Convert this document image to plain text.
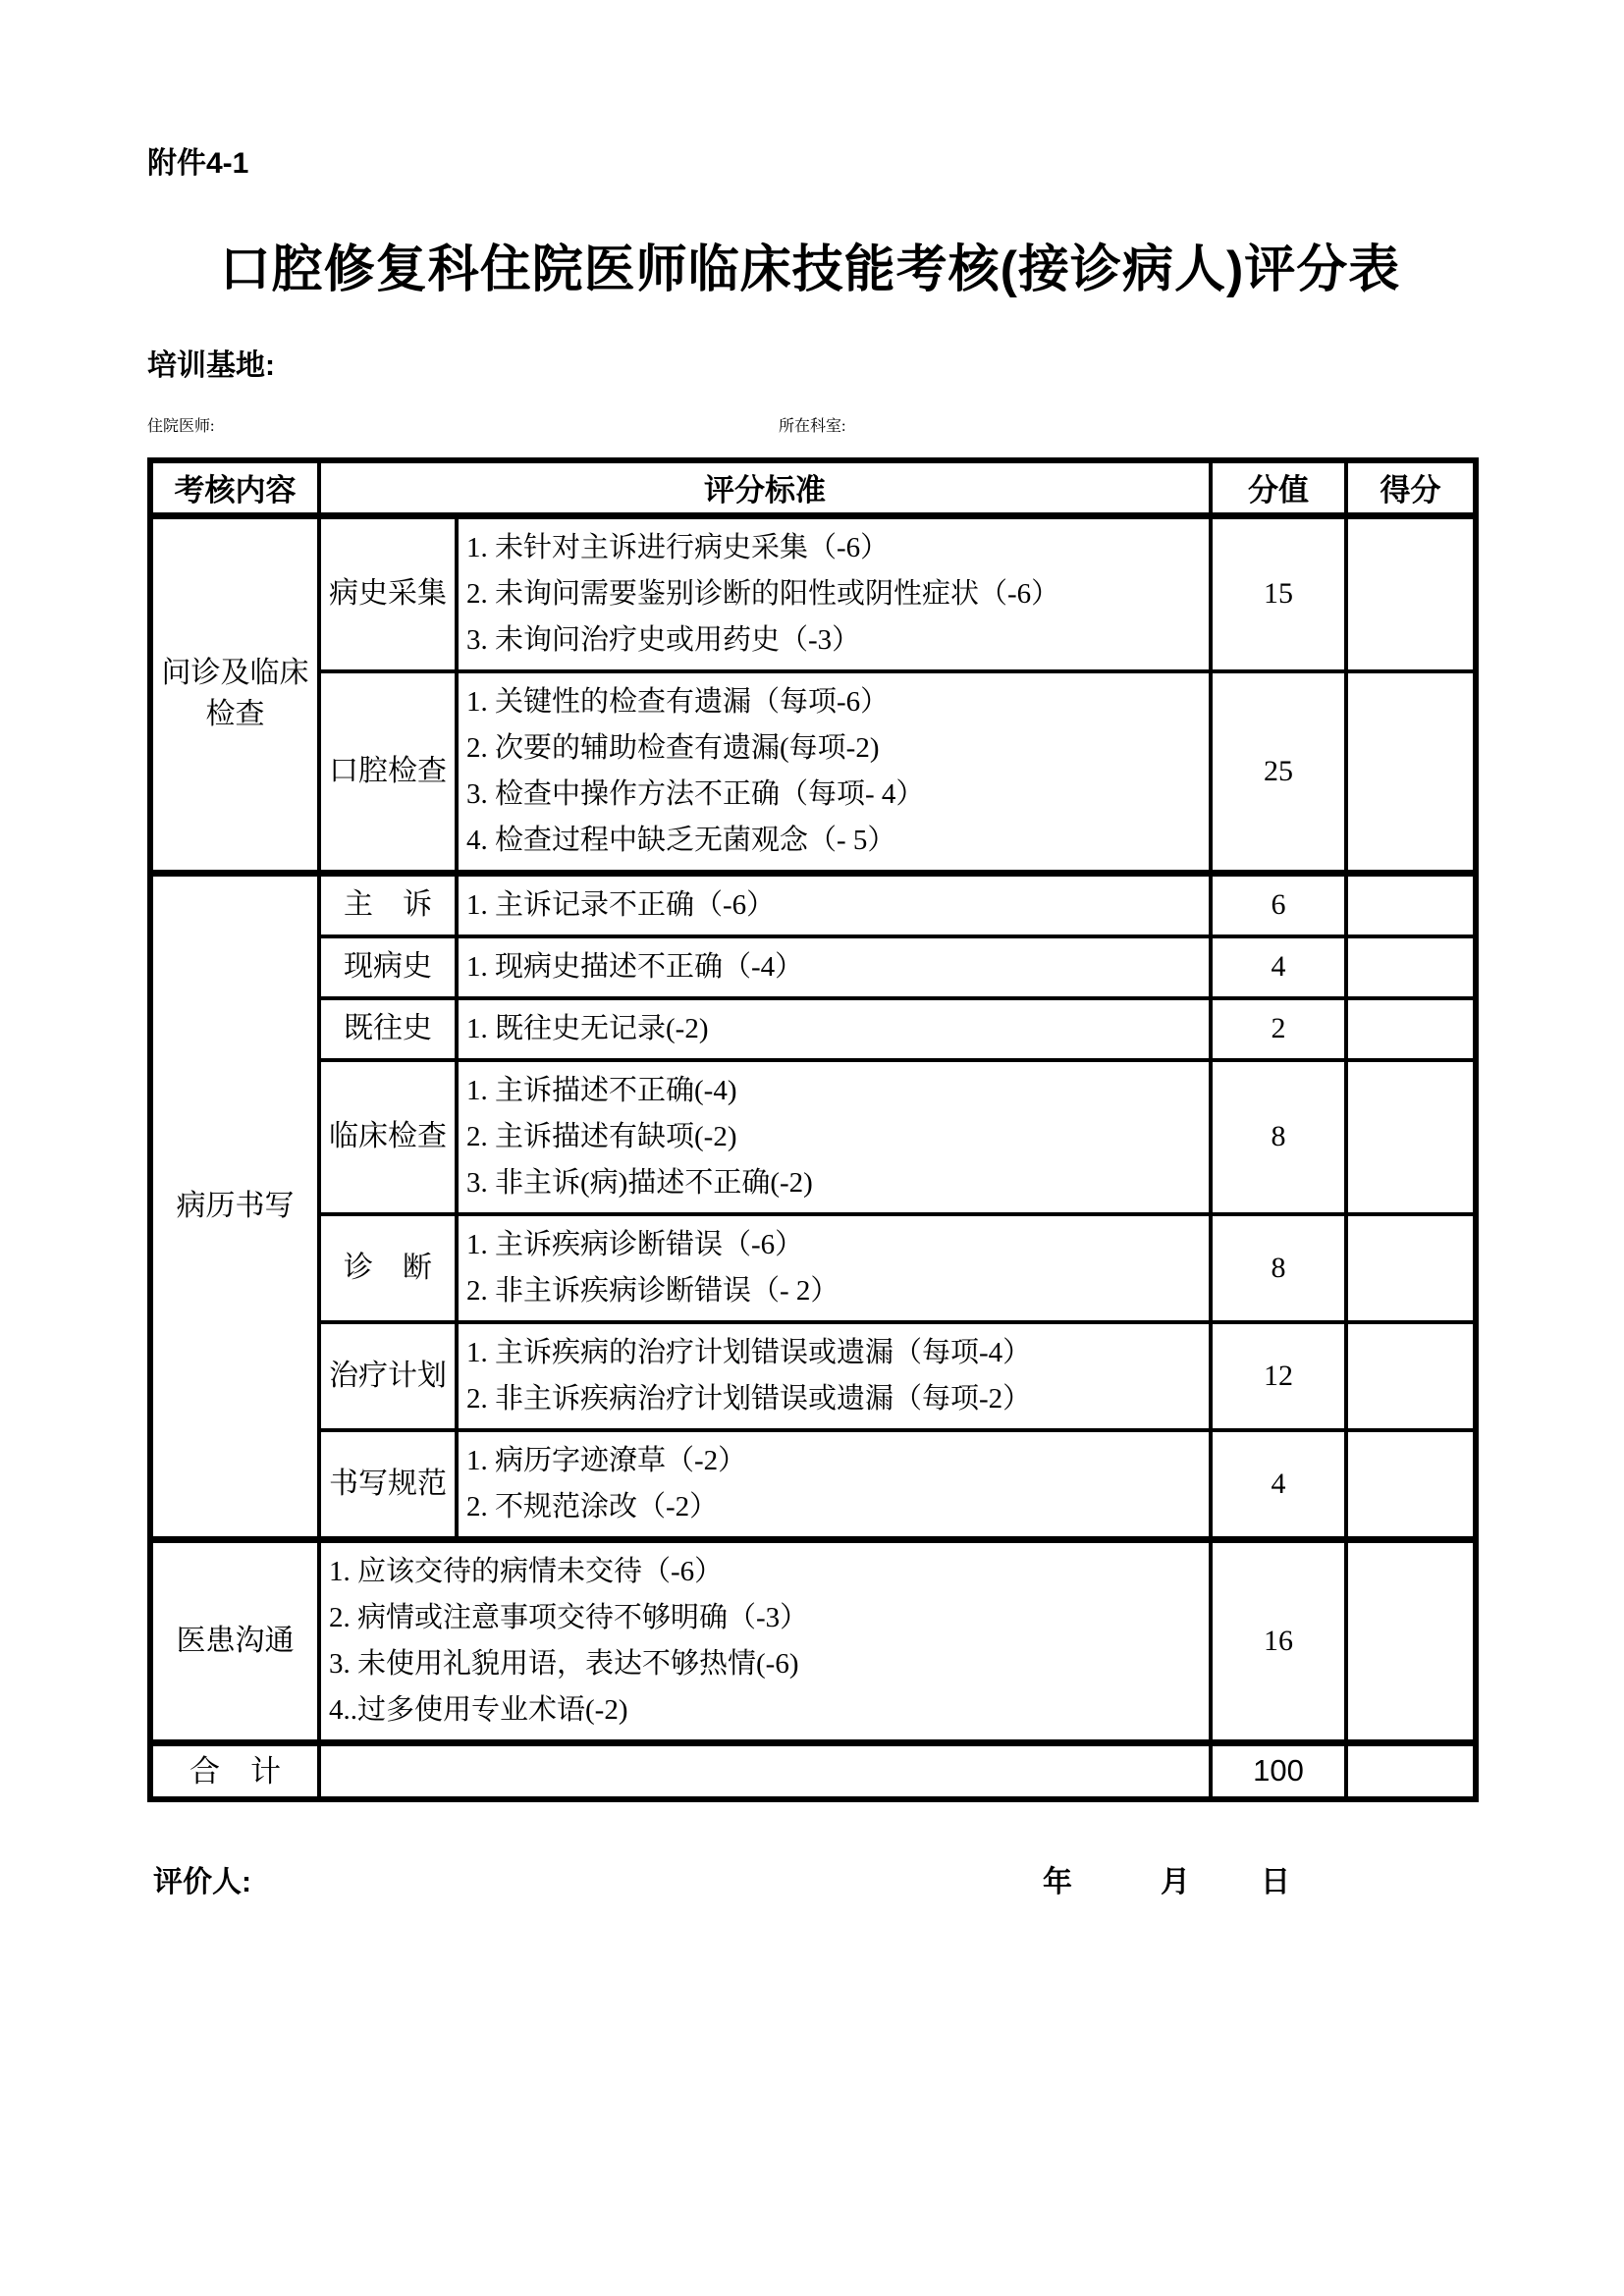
附件4-1
口腔修复科住院医师临床技能考核(接诊病人)评分表
培训基地:
住院医师:	所在科室:
考核内容	评分标准		分值	得分
问诊及临床检查	病史采集	1. 未针对主诉进行病史采集（-6）
2. 未询问需要鉴别诊断的阳性或阴性症状（-6）
3. 未询问治疗史或用药史（-3）	15	
	口腔检查	1. 关键性的检查有遗漏（每项-6）
2. 次要的辅助检查有遗漏(每项-2)
3. 检查中操作方法不正确（每项- 4）
4. 检查过程中缺乏无菌观念（- 5）	25	
病历书写	主　诉	1. 主诉记录不正确（-6）	6	
	现病史	1. 现病史描述不正确（-4）	4	
	既往史	1. 既往史无记录(-2)	2	
	临床检查	1. 主诉描述不正确(-4)
2. 主诉描述有缺项(-2)
3. 非主诉(病)描述不正确(-2)	8	
	诊　断	1. 主诉疾病诊断错误（-6）
2. 非主诉疾病诊断错误（- 2）	8	
	治疗计划	1. 主诉疾病的治疗计划错误或遗漏（每项-4）
2. 非主诉疾病治疗计划错误或遗漏（每项-2）	12	
	书写规范	1. 病历字迹潦草（-2）
2. 不规范涂改（-2）	4	
医患沟通	1. 应该交待的病情未交待（-6）
2. 病情或注意事项交待不够明确（-3）
3. 未使用礼貌用语，表达不够热情(-6)
4..过多使用专业术语(-2)		16	
合　计			100	
评价人:	年	月 日
